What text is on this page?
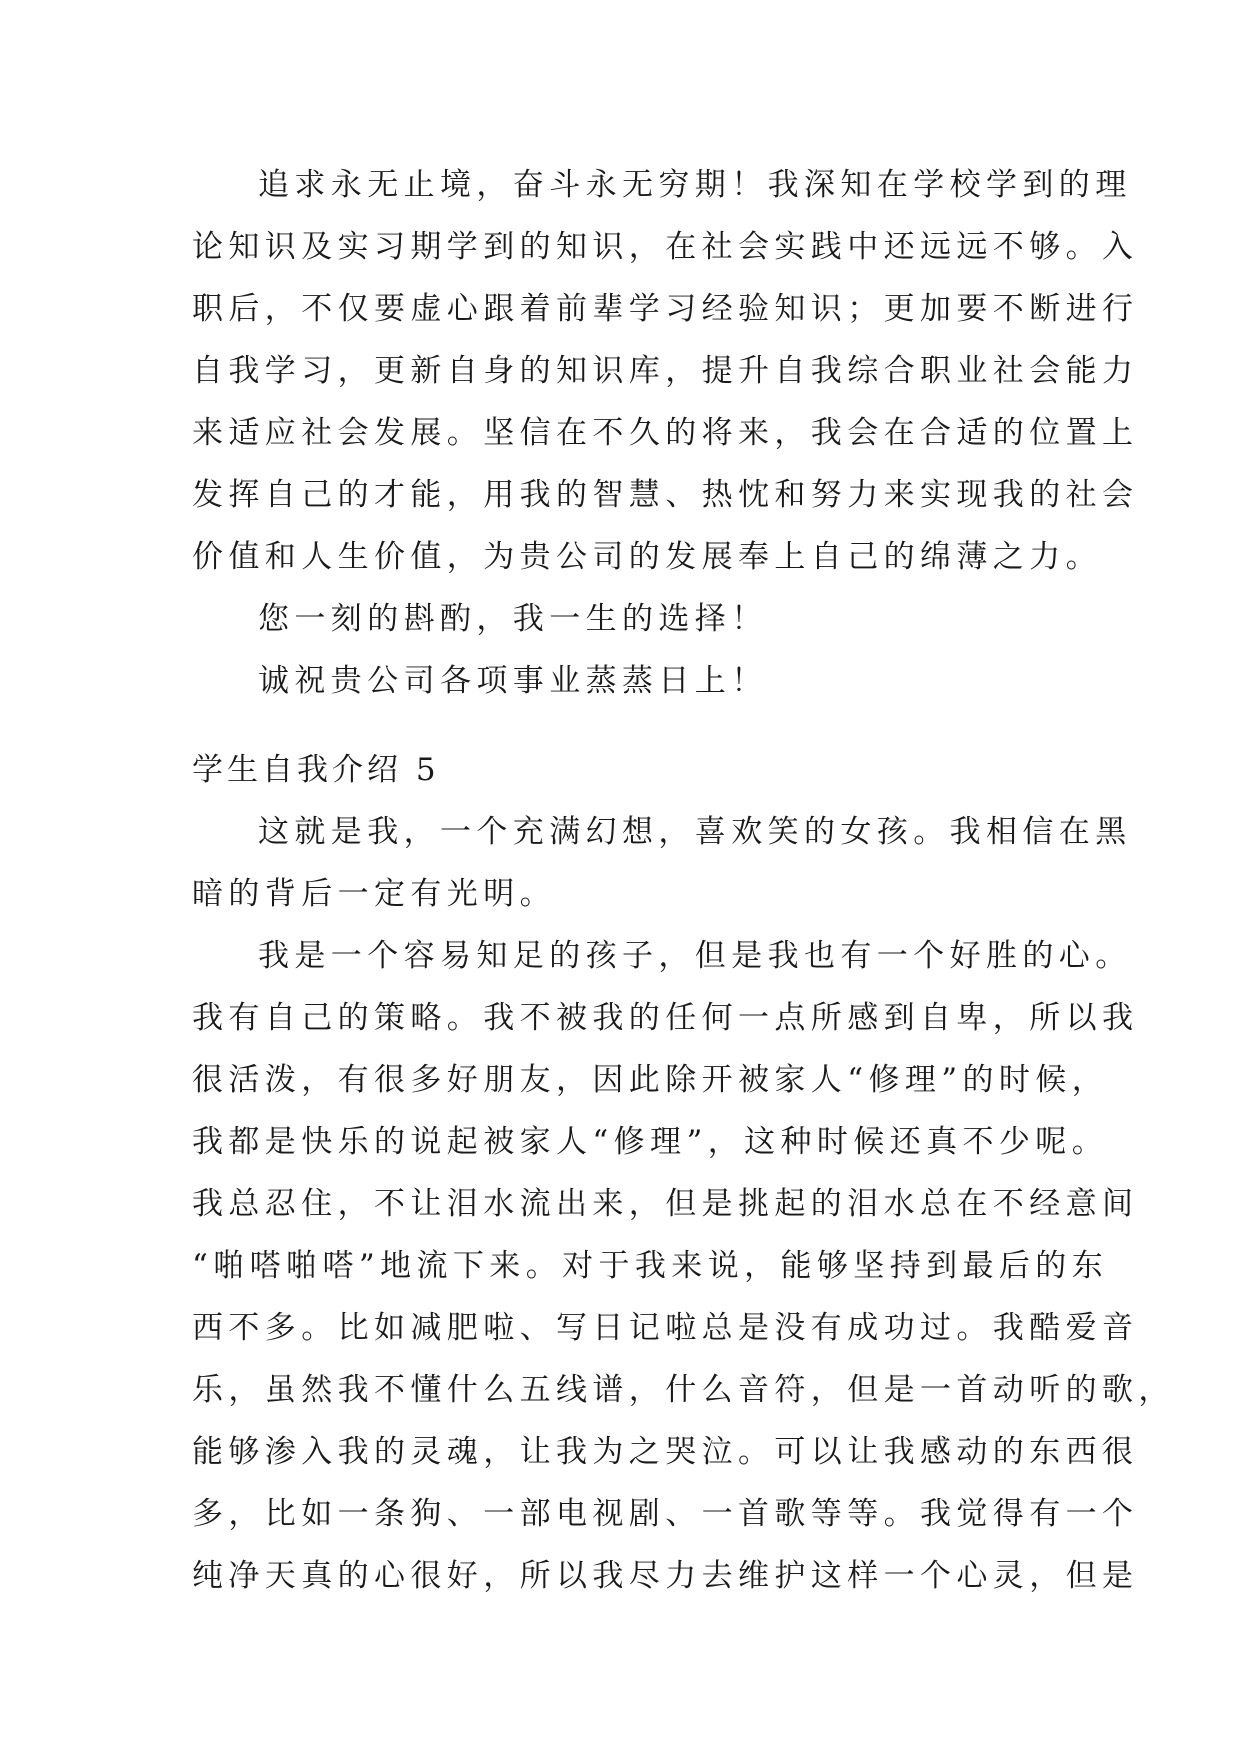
追求永无止境，奋斗永无穷期！我深知在学校学到的理
论知识及实习期学到的知识，在社会实践中还远远不够。入
职后，不仅要虚心跟着前辈学习经验知识；更加要不断进行
自我学习，更新自身的知识库，提升自我综合职业社会能力
来适应社会发展。坚信在不久的将来，我会在合适的位置上
发挥自己的才能，用我的智慧、热忱和努力来实现我的社会
价值和人生价值，为贵公司的发展奉上自己的绵薄之力。
您一刻的斟酌，我一生的选择！
诚祝贵公司各项事业蒸蒸日上！
学生自我介绍 5
这就是我，一个充满幻想，喜欢笑的女孩。我相信在黑
暗的背后一定有光明。
我是一个容易知足的孩子，但是我也有一个好胜的心。
我有自己的策略。我不被我的任何一点所感到自卑，所以我
很活泼，有很多好朋友，因此除开被家人“修理”的时候，
我都是快乐的说起被家人“修理”，这种时候还真不少呢。
我总忍住，不让泪水流出来，但是挑起的泪水总在不经意间
“啪嗒啪嗒”地流下来。对于我来说，能够坚持到最后的东
西不多。比如减肥啦、写日记啦总是没有成功过。我酷爱音
乐，虽然我不懂什么五线谱，什么音符，但是一首动听的歌，
能够渗入我的灵魂，让我为之哭泣。可以让我感动的东西很
多，比如一条狗、一部电视剧、一首歌等等。我觉得有一个
纯净天真的心很好，所以我尽力去维护这样一个心灵，但是
